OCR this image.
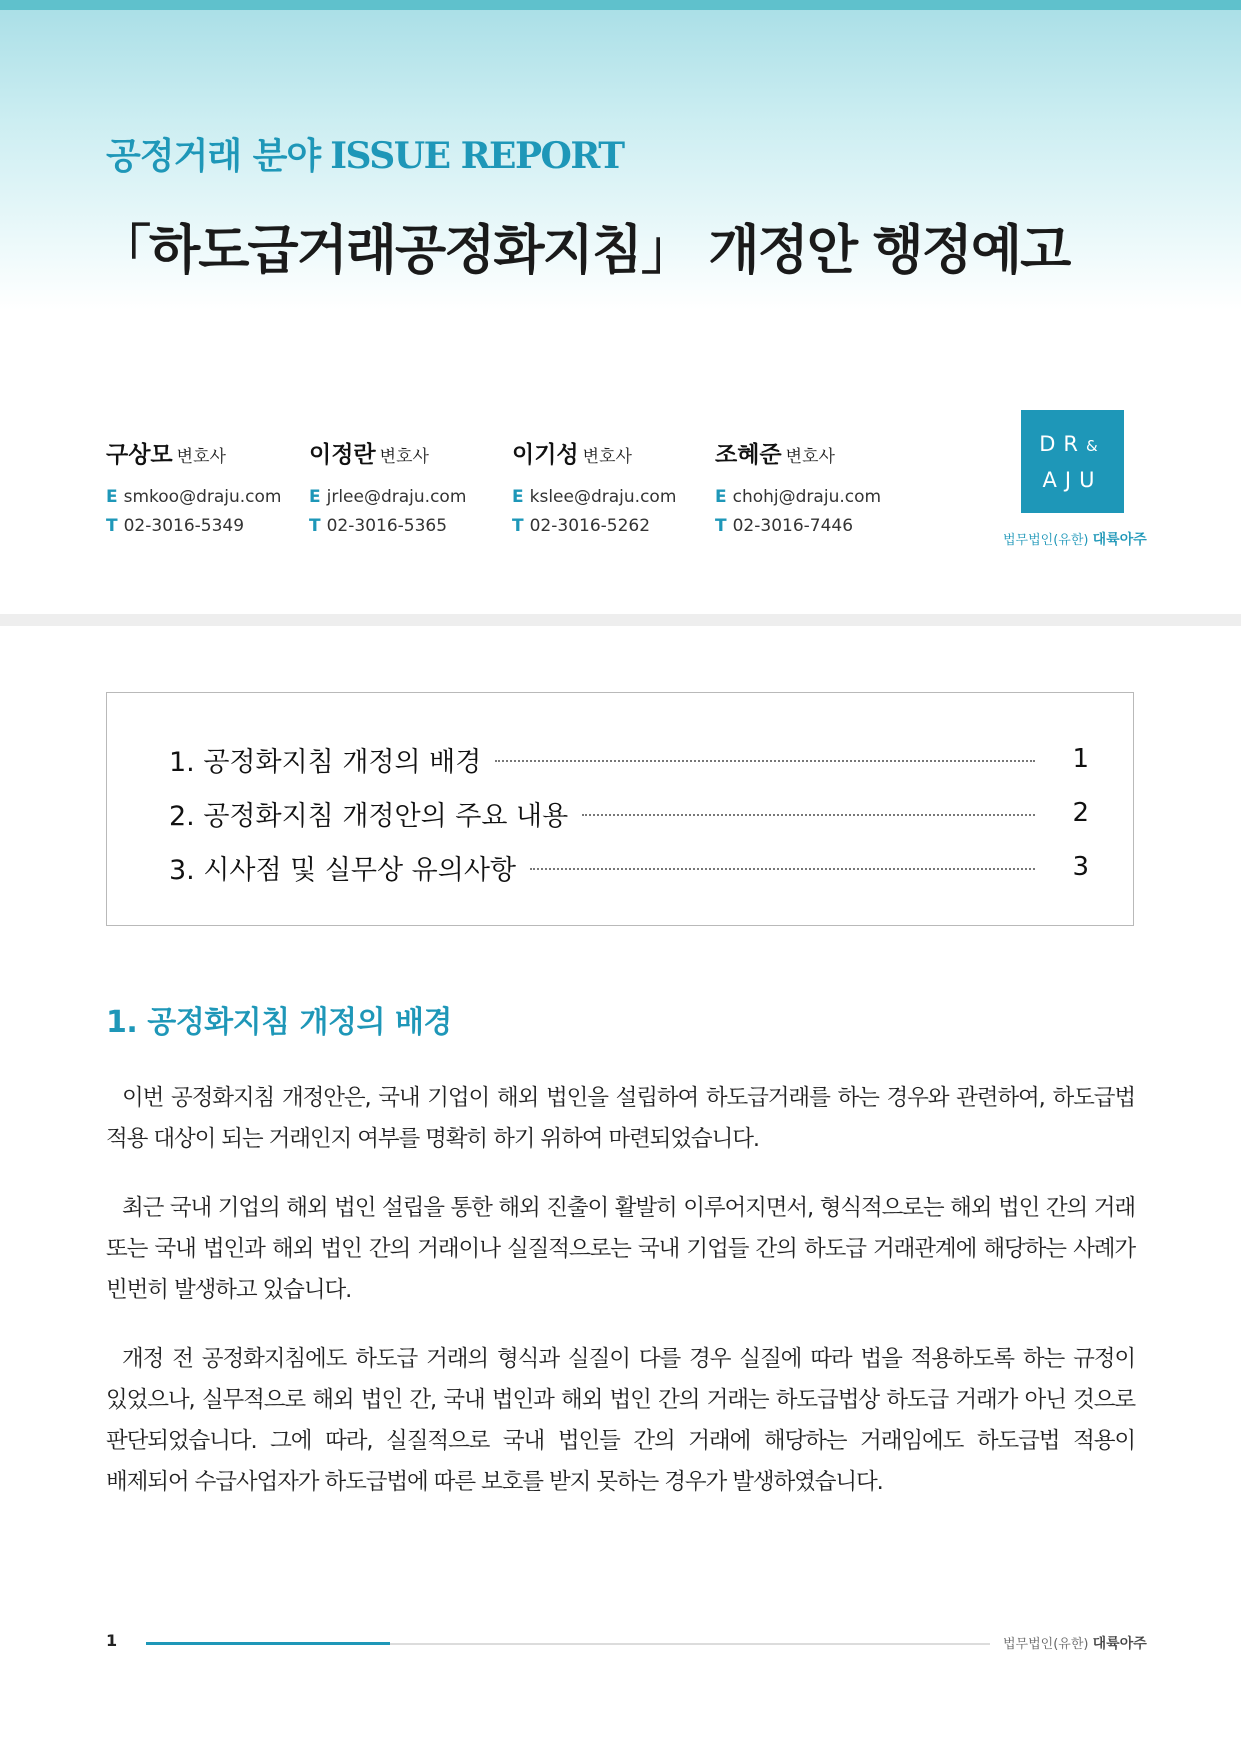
공정거래 분야 ISSUE REPORT
「하도급거래공정화지침」 개정안 행정예고
구상모 변호사
E smkoo@draju.com
T 02-3016-5349
이정란 변호사
E jrlee@draju.com
T 02-3016-5365
이기성 변호사
E kslee@draju.com
T 02-3016-5262
조혜준 변호사
E chohj@draju.com
T 02-3016-7446
DR&
AJU
법무법인(유한) 대륙아주
1. 공정화지침 개정의 배경	1
2. 공정화지침 개정안의 주요 내용	2
3. 시사점 및 실무상 유의사항	3
1. 공정화지침 개정의 배경

이번 공정화지침 개정안은, 국내 기업이 해외 법인을 설립하여 하도급거래를 하는 경우와 관련하여, 하도급법 적용 대상이 되는 거래인지 여부를 명확히 하기 위하여 마련되었습니다.

최근 국내 기업의 해외 법인 설립을 통한 해외 진출이 활발히 이루어지면서, 형식적으로는 해외 법인 간의 거래 또는 국내 법인과 해외 법인 간의 거래이나 실질적으로는 국내 기업들 간의 하도급 거래관계에 해당하는 사례가 빈번히 발생하고 있습니다.

개정 전 공정화지침에도 하도급 거래의 형식과 실질이 다를 경우 실질에 따라 법을 적용하도록 하는 규정이 있었으나, 실무적으로 해외 법인 간, 국내 법인과 해외 법인 간의 거래는 하도급법상 하도급 거래가 아닌 것으로 판단되었습니다. 그에 따라, 실질적으로 국내 법인들 간의 거래에 해당하는 거래임에도 하도급법 적용이 배제되어 수급사업자가 하도급법에 따른 보호를 받지 못하는 경우가 발생하였습니다.

1	법무법인(유한) 대륙아주
